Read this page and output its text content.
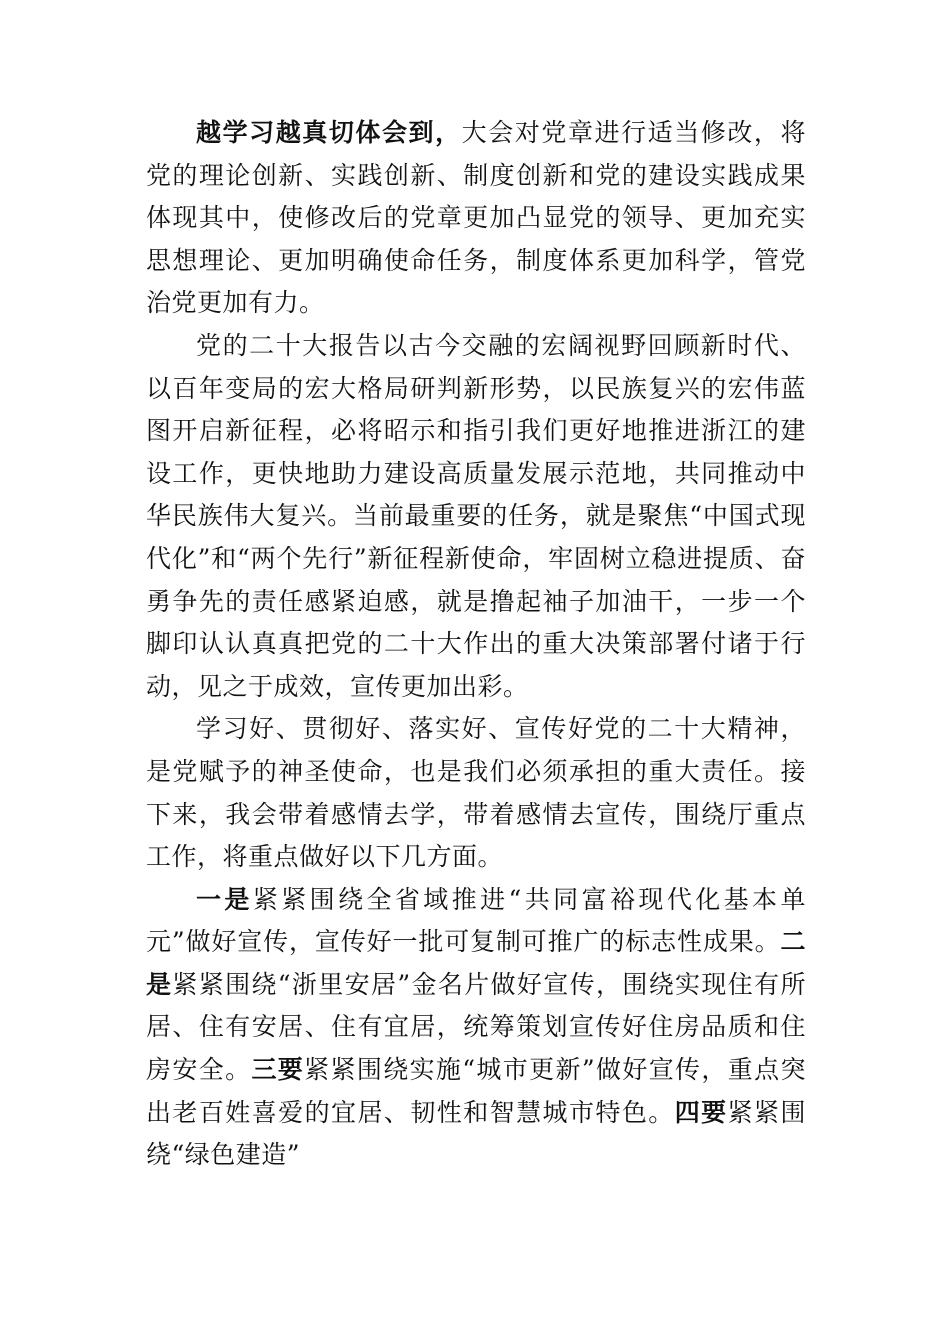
越学习越真切体会到，大会对党章进行适当修改，将党的理论创新、实践创新、制度创新和党的建设实践成果体现其中，使修改后的党章更加凸显党的领导、更加充实思想理论、更加明确使命任务，制度体系更加科学，管党治党更加有力。

党的二十大报告以古今交融的宏阔视野回顾新时代、以百年变局的宏大格局研判新形势，以民族复兴的宏伟蓝图开启新征程，必将昭示和指引我们更好地推进浙江的建设工作，更快地助力建设高质量发展示范地，共同推动中华民族伟大复兴。当前最重要的任务，就是聚焦“中国式现代化”和“两个先行”新征程新使命，牢固树立稳进提质、奋勇争先的责任感紧迫感，就是撸起袖子加油干，一步一个脚印认认真真把党的二十大作出的重大决策部署付诸于行动，见之于成效，宣传更加出彩。

学习好、贯彻好、落实好、宣传好党的二十大精神，是党赋予的神圣使命，也是我们必须承担的重大责任。接下来，我会带着感情去学，带着感情去宣传，围绕厅重点工作，将重点做好以下几方面。

一是紧紧围绕全省域推进“共同富裕现代化基本单元”做好宣传，宣传好一批可复制可推广的标志性成果。二是紧紧围绕“浙里安居”金名片做好宣传，围绕实现住有所居、住有安居、住有宜居，统筹策划宣传好住房品质和住房安全。三要紧紧围绕实施“城市更新”做好宣传，重点突出老百姓喜爱的宜居、韧性和智慧城市特色。四要紧紧围绕“绿色建造”
